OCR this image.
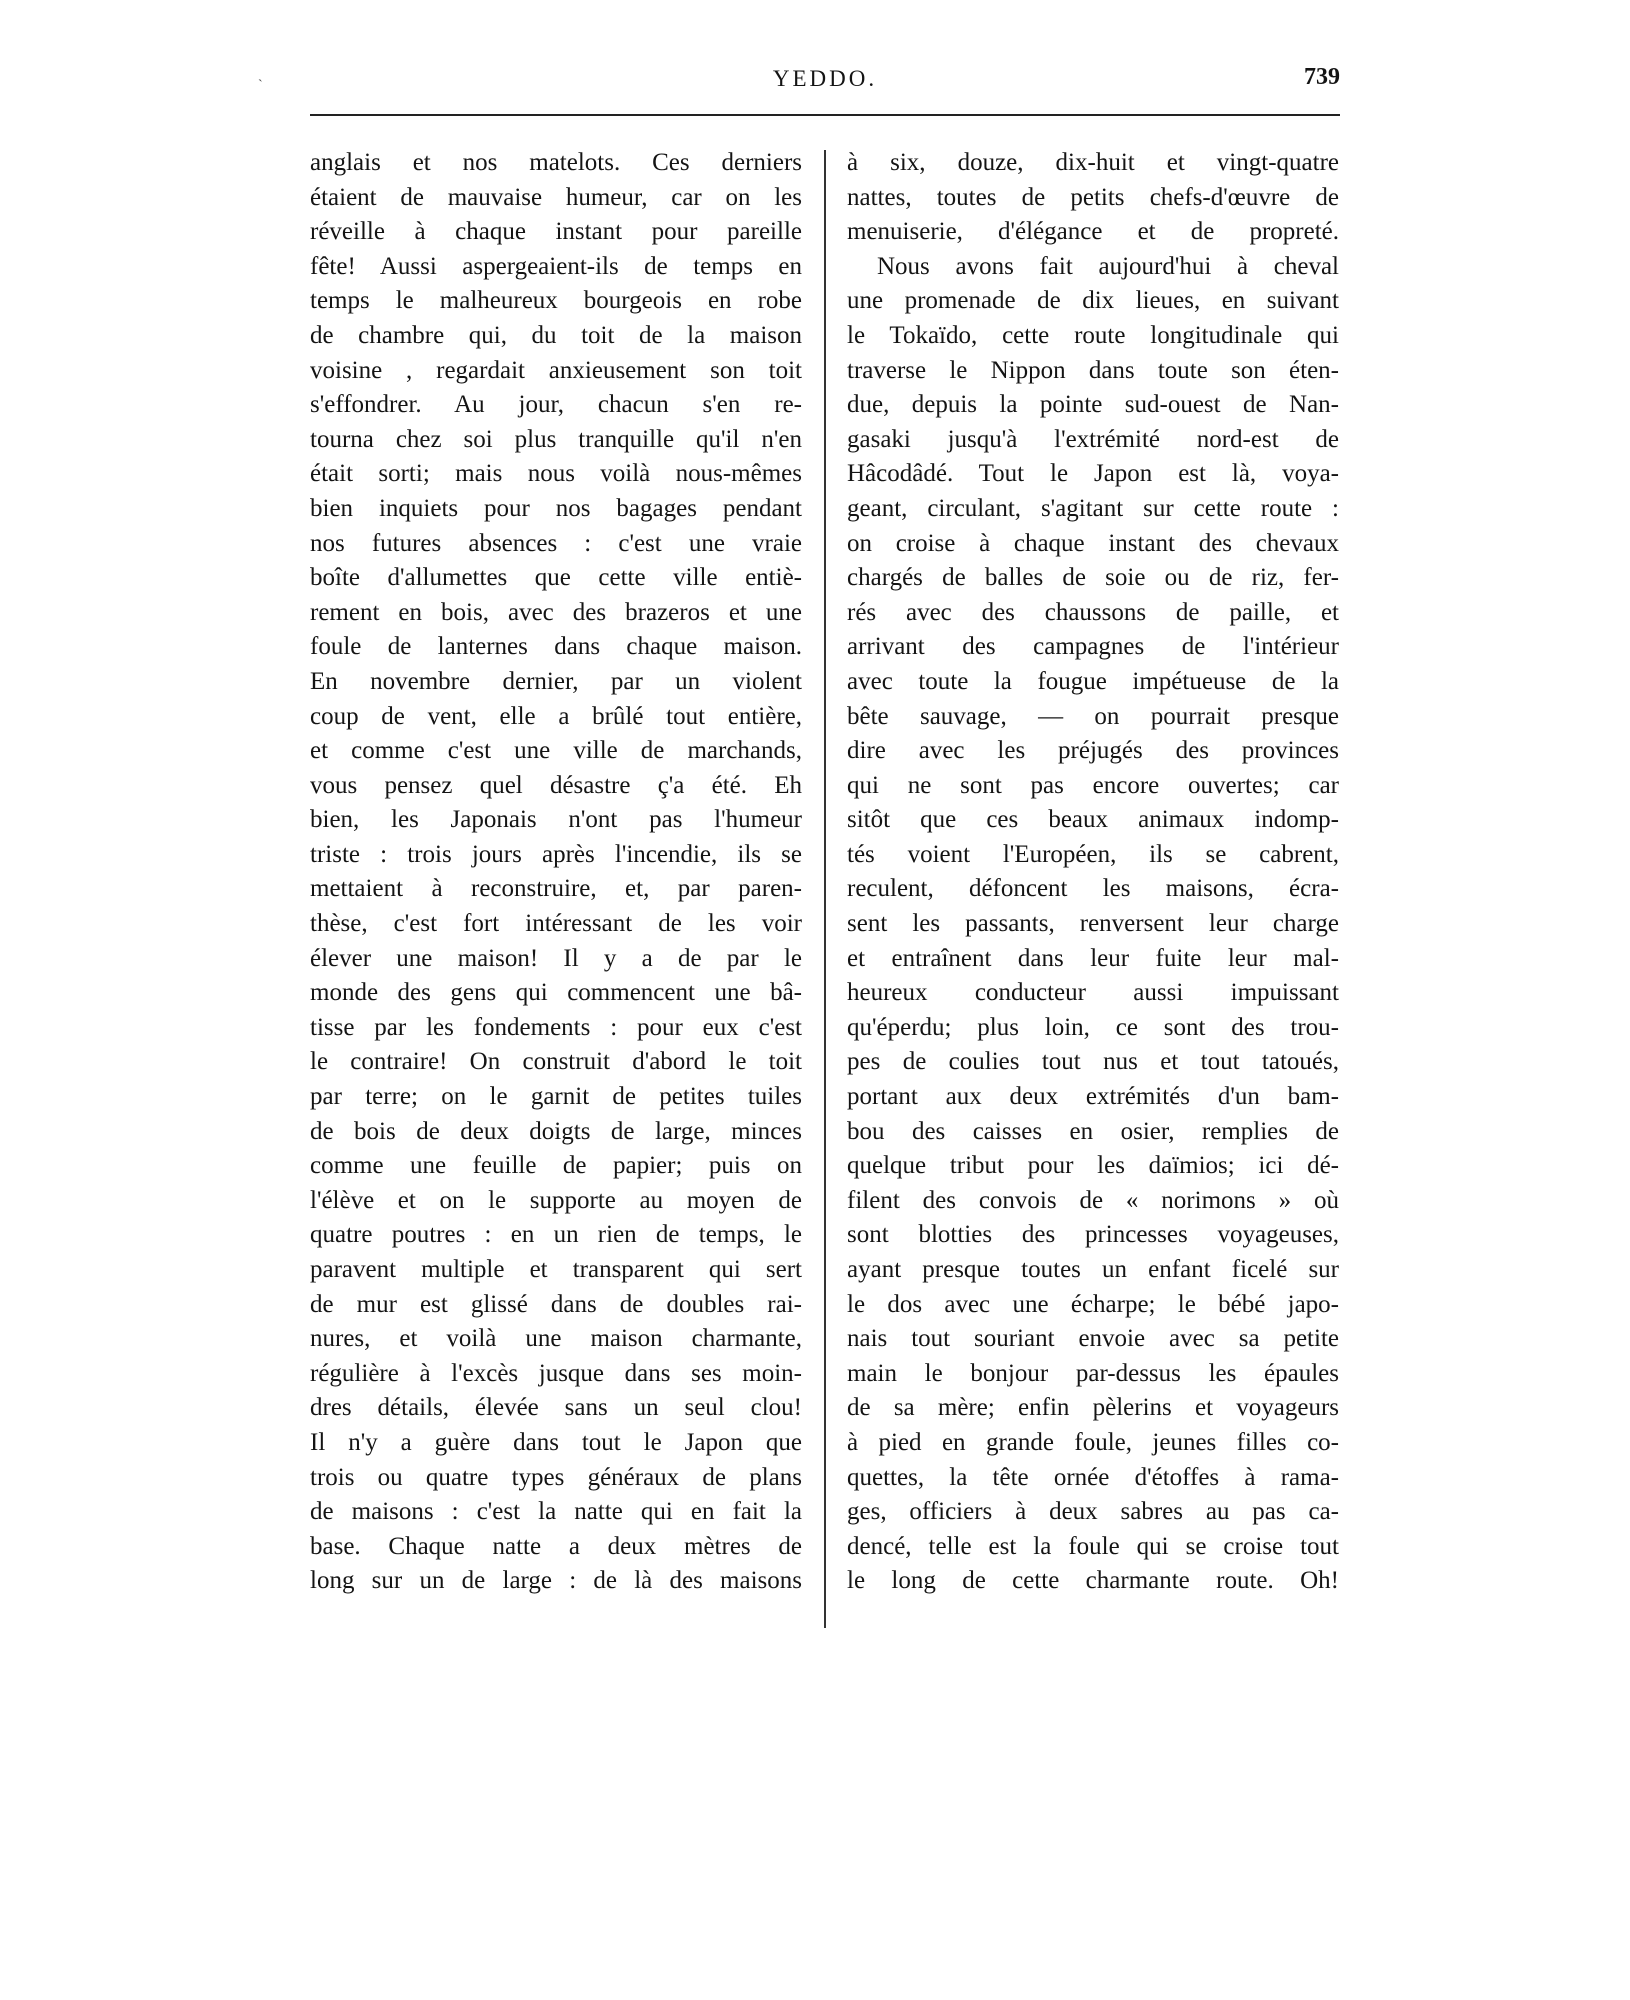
`	YEDDO.	739
anglais et nos matelots. Ces derniers
étaient de mauvaise humeur, car on les
réveille à chaque instant pour pareille
fête! Aussi aspergeaient-ils de temps en
temps le malheureux bourgeois en robe
de chambre qui, du toit de la maison
voisine , regardait anxieusement son toit
s'effondrer. Au jour, chacun s'en re-
tourna chez soi plus tranquille qu'il n'en
était sorti; mais nous voilà nous-mêmes
bien inquiets pour nos bagages pendant
nos futures absences : c'est une vraie
boîte d'allumettes que cette ville entiè-
rement en bois, avec des brazeros et une
foule de lanternes dans chaque maison.
En novembre dernier, par un violent
coup de vent, elle a brûlé tout entière,
et comme c'est une ville de marchands,
vous pensez quel désastre ç'a été. Eh
bien, les Japonais n'ont pas l'humeur
triste : trois jours après l'incendie, ils se
mettaient à reconstruire, et, par paren-
thèse, c'est fort intéressant de les voir
élever une maison! Il y a de par le
monde des gens qui commencent une bâ-
tisse par les fondements : pour eux c'est
le contraire! On construit d'abord le toit
par terre; on le garnit de petites tuiles
de bois de deux doigts de large, minces
comme une feuille de papier; puis on
l'élève et on le supporte au moyen de
quatre poutres : en un rien de temps, le
paravent multiple et transparent qui sert
de mur est glissé dans de doubles rai-
nures, et voilà une maison charmante,
régulière à l'excès jusque dans ses moin-
dres détails, élevée sans un seul clou!
Il n'y a guère dans tout le Japon que
trois ou quatre types généraux de plans
de maisons : c'est la natte qui en fait la
base. Chaque natte a deux mètres de
long sur un de large : de là des maisons
à six, douze, dix-huit et vingt-quatre
nattes, toutes de petits chefs-d'œuvre de
menuiserie, d'élégance et de propreté.
Nous avons fait aujourd'hui à cheval
une promenade de dix lieues, en suivant
le Tokaïdo, cette route longitudinale qui
traverse le Nippon dans toute son éten-
due, depuis la pointe sud-ouest de Nan-
gasaki jusqu'à l'extrémité nord-est de
Hâcodâdé. Tout le Japon est là, voya-
geant, circulant, s'agitant sur cette route :
on croise à chaque instant des chevaux
chargés de balles de soie ou de riz, fer-
rés avec des chaussons de paille, et
arrivant des campagnes de l'intérieur
avec toute la fougue impétueuse de la
bête sauvage, — on pourrait presque
dire avec les préjugés des provinces
qui ne sont pas encore ouvertes; car
sitôt que ces beaux animaux indomp-
tés voient l'Européen, ils se cabrent,
reculent, défoncent les maisons, écra-
sent les passants, renversent leur charge
et entraînent dans leur fuite leur mal-
heureux conducteur aussi impuissant
qu'éperdu; plus loin, ce sont des trou-
pes de coulies tout nus et tout tatoués,
portant aux deux extrémités d'un bam-
bou des caisses en osier, remplies de
quelque tribut pour les daïmios; ici dé-
filent des convois de « norimons » où
sont blotties des princesses voyageuses,
ayant presque toutes un enfant ficelé sur
le dos avec une écharpe; le bébé japo-
nais tout souriant envoie avec sa petite
main le bonjour par-dessus les épaules
de sa mère; enfin pèlerins et voyageurs
à pied en grande foule, jeunes filles co-
quettes, la tête ornée d'étoffes à rama-
ges, officiers à deux sabres au pas ca-
dencé, telle est la foule qui se croise tout
le long de cette charmante route. Oh!
